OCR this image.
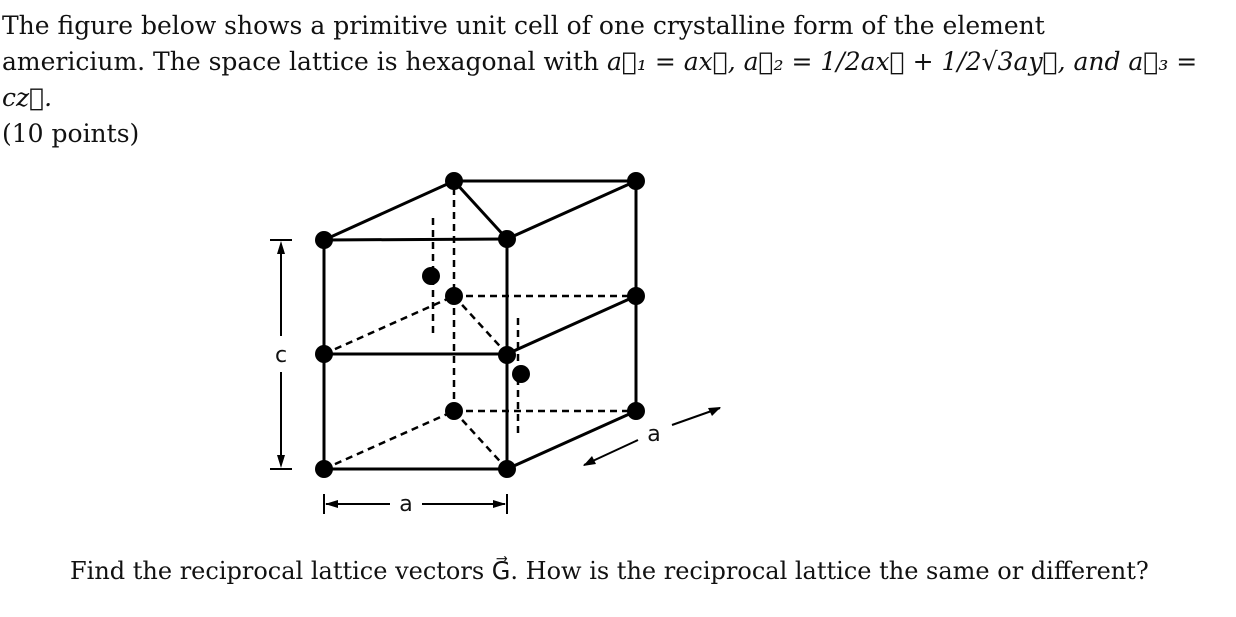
The figure below shows a primitive unit cell of one crystalline form of the element

americium. The space lattice is hexagonal with a⃗₁ = ax⃗, a⃗₂ = 1/2ax⃗ + 1/2√3ay⃗, and a⃗₃ = cz⃗.

(10 points)

c
a
a
Find the reciprocal lattice vectors G⃗. How is the reciprocal lattice the same or different?
